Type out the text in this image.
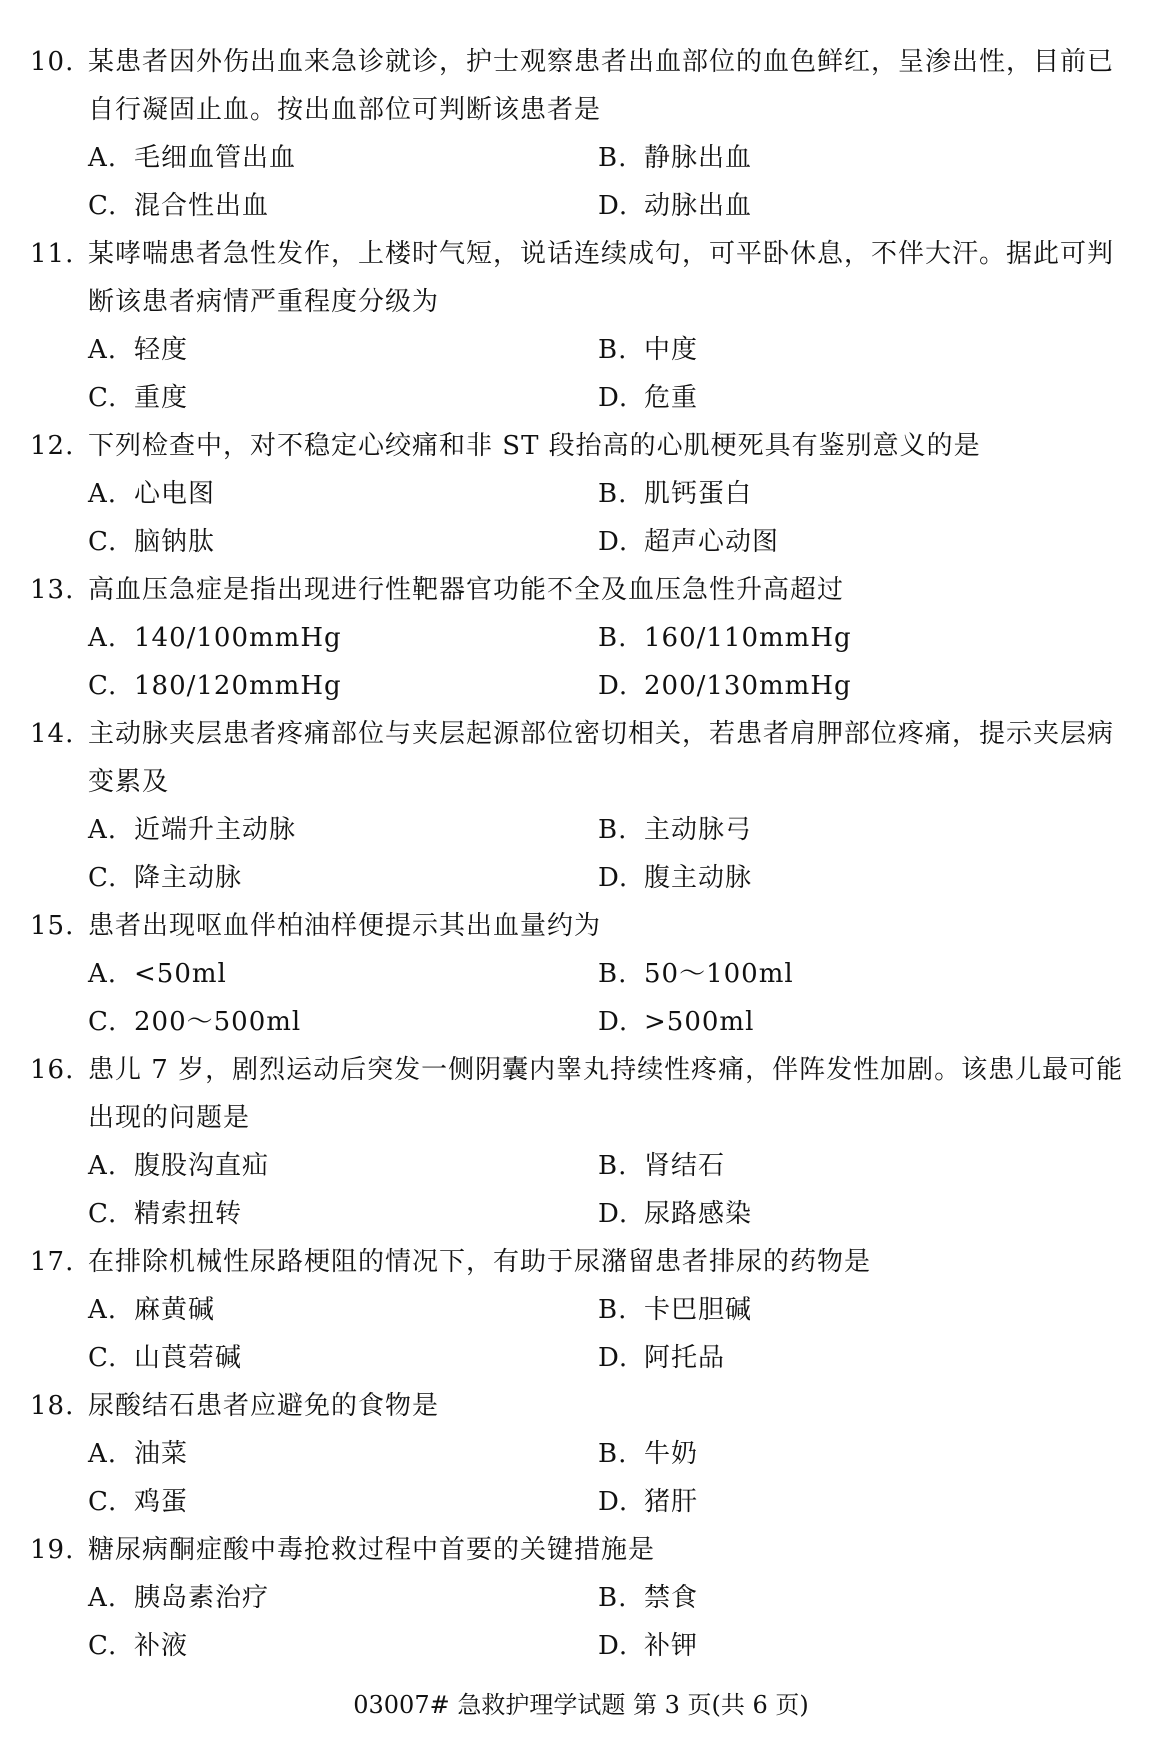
10. 某患者因外伤出血来急诊就诊，护士观察患者出血部位的血色鲜红，呈渗出性，目前已自行凝固止血。按出血部位可判断该患者是
A. 毛细血管出血	B. 静脉出血
C. 混合性出血	D. 动脉出血
11. 某哮喘患者急性发作，上楼时气短，说话连续成句，可平卧休息，不伴大汗。据此可判断该患者病情严重程度分级为
A. 轻度	B. 中度
C. 重度	D. 危重
12. 下列检查中，对不稳定心绞痛和非 ST 段抬高的心肌梗死具有鉴别意义的是
A. 心电图	B. 肌钙蛋白
C. 脑钠肽	D. 超声心动图
13. 高血压急症是指出现进行性靶器官功能不全及血压急性升高超过
A. 140/100mmHg	B. 160/110mmHg
C. 180/120mmHg	D. 200/130mmHg
14. 主动脉夹层患者疼痛部位与夹层起源部位密切相关，若患者肩胛部位疼痛，提示夹层病变累及
A. 近端升主动脉	B. 主动脉弓
C. 降主动脉	D. 腹主动脉
15. 患者出现呕血伴柏油样便提示其出血量约为
A. <50ml	B. 50～100ml
C. 200～500ml	D. >500ml
16. 患儿 7 岁，剧烈运动后突发一侧阴囊内睾丸持续性疼痛，伴阵发性加剧。该患儿最可能出现的问题是
A. 腹股沟直疝	B. 肾结石
C. 精索扭转	D. 尿路感染
17. 在排除机械性尿路梗阻的情况下，有助于尿潴留患者排尿的药物是
A. 麻黄碱	B. 卡巴胆碱
C. 山莨菪碱	D. 阿托品
18. 尿酸结石患者应避免的食物是
A. 油菜	B. 牛奶
C. 鸡蛋	D. 猪肝
19. 糖尿病酮症酸中毒抢救过程中首要的关键措施是
A. 胰岛素治疗	B. 禁食
C. 补液	D. 补钾
03007# 急救护理学试题 第 3 页(共 6 页)
